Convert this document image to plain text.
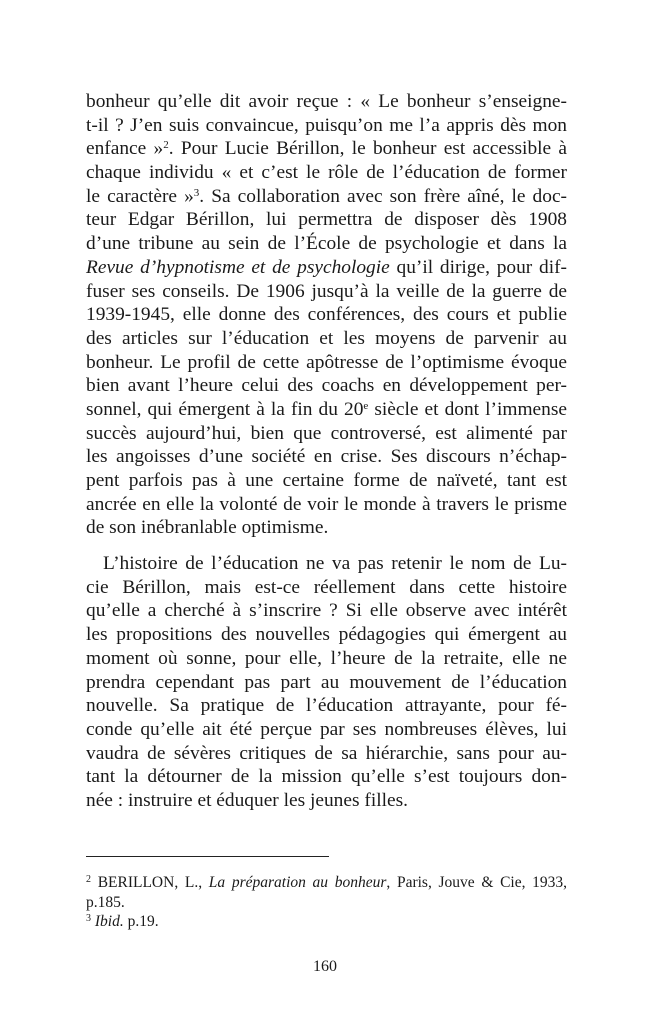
bonheur qu’elle dit avoir reçue : « Le bonheur s’enseigne-
t-il ? J’en suis convaincue, puisqu’on me l’a appris dès mon
enfance »$^2$. Pour Lucie Bérillon, le bonheur est accessible à
chaque individu « et c’est le rôle de l’éducation de former
le caractère »$^3$. Sa collaboration avec son frère aîné, le doc-
teur Edgar Bérillon, lui permettra de disposer dès 1908
d’une tribune au sein de l’École de psychologie et dans la
Revue d’hypnotisme et de psychologie qu’il dirige, pour dif-
fuser ses conseils. De 1906 jusqu’à la veille de la guerre de
1939-1945, elle donne des conférences, des cours et publie
des articles sur l’éducation et les moyens de parvenir au
bonheur. Le profil de cette apôtresse de l’optimisme évoque
bien avant l’heure celui des coachs en développement per-
sonnel, qui émergent à la fin du 20e siècle et dont l’immense
succès aujourd’hui, bien que controversé, est alimenté par
les angoisses d’une société en crise. Ses discours n’échap-
pent parfois pas à une certaine forme de naïveté, tant est
ancrée en elle la volonté de voir le monde à travers le prisme
de son inébranlable optimisme.
L’histoire de l’éducation ne va pas retenir le nom de Lu-
cie Bérillon, mais est-ce réellement dans cette histoire
qu’elle a cherché à s’inscrire ? Si elle observe avec intérêt
les propositions des nouvelles pédagogies qui émergent au
moment où sonne, pour elle, l’heure de la retraite, elle ne
prendra cependant pas part au mouvement de l’éducation
nouvelle. Sa pratique de l’éducation attrayante, pour fé-
conde qu’elle ait été perçue par ses nombreuses élèves, lui
vaudra de sévères critiques de sa hiérarchie, sans pour au-
tant la détourner de la mission qu’elle s’est toujours don-
née : instruire et éduquer les jeunes filles.
$^2$ BERILLON, L., La préparation au bonheur, Paris, Jouve & Cie, 1933,
p.185.
$^3$ Ibid. p.19.
160
